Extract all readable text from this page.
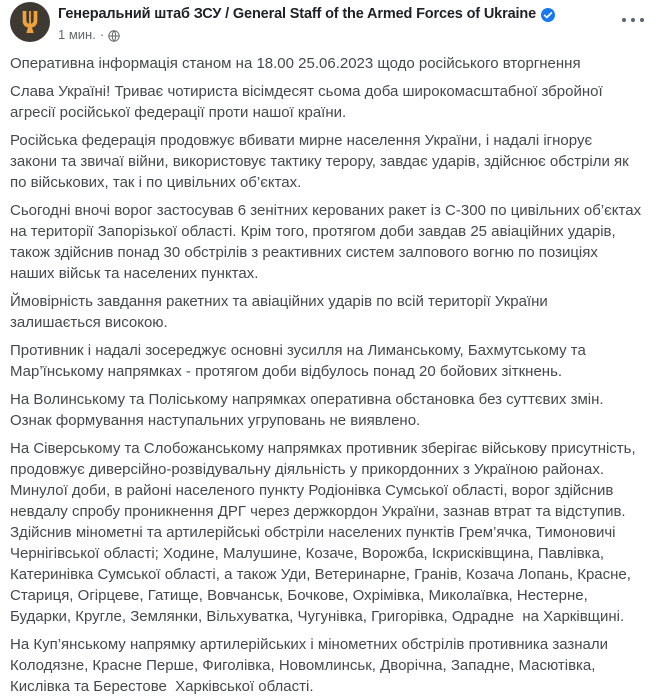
Генеральний штаб ЗСУ / General Staff of the Armed Forces of Ukraine
1 мин. ·

Оперативна інформація станом на 18.00 25.06.2023 щодо російського вторгнення

Слава Україні! Триває чотириста вісімдесят сьома доба широкомасштабної збройної агресії російської федерації проти нашої країни.

Російська федерація продовжує вбивати мирне населення України, і надалі ігнорує закони та звичаї війни, використовує тактику терору, завдає ударів, здійснює обстріли як по військових, так і по цивільних об’єктах.

Сьогодні вночі ворог застосував 6 зенітних керованих ракет із С-300 по цивільних об’єктах на території Запорізької області. Крім того, протягом доби завдав 25 авіаційних ударів, також здійснив понад 30 обстрілів з реактивних систем залпового вогню по позиціях наших військ та населених пунктах.

Ймовірність завдання ракетних та авіаційних ударів по всій території України залишається високою.

Противник і надалі зосереджує основні зусилля на Лиманському, Бахмутському та Мар’їнському напрямках - протягом доби відбулось понад 20 бойових зіткнень.

На Волинському та Поліському напрямках оперативна обстановка без суттєвих змін. Ознак формування наступальних угруповань не виявлено.

На Сіверському та Слобожанському напрямках противник зберігає військову присутність, продовжує диверсійно-розвідувальну діяльність у прикордонних з Україною районах. Минулої доби, в районі населеного пункту Родіонівка Сумської області, ворог здійснив невдалу спробу проникнення ДРГ через держкордон України, зазнав втрат та відступив. Здійснив мінометні та артилерійські обстріли населених пунктів Грем’ячка, Тимоновичі Чернігівської області; Ходине, Малушине, Козаче, Ворожба, Іскрисківщина, Павлівка, Катеринівка Сумської області, а також Уди, Ветеринарне, Гранів, Козача Лопань, Красне, Стариця, Огірцеве, Гатище, Вовчанськ, Бочкове, Охрімівка, Миколаївка, Нестерне, Бударки, Кругле, Землянки, Вільхуватка, Чугунівка, Григорівка, Одрадне  на Харківщині.

На Куп’янському напрямку артилерійських і мінометних обстрілів противника зазнали Колодязне, Красне Перше, Фиголівка, Новомлинськ, Дворічна, Западне, Масютівка, Кислівка та Берестове  Харківської області.
